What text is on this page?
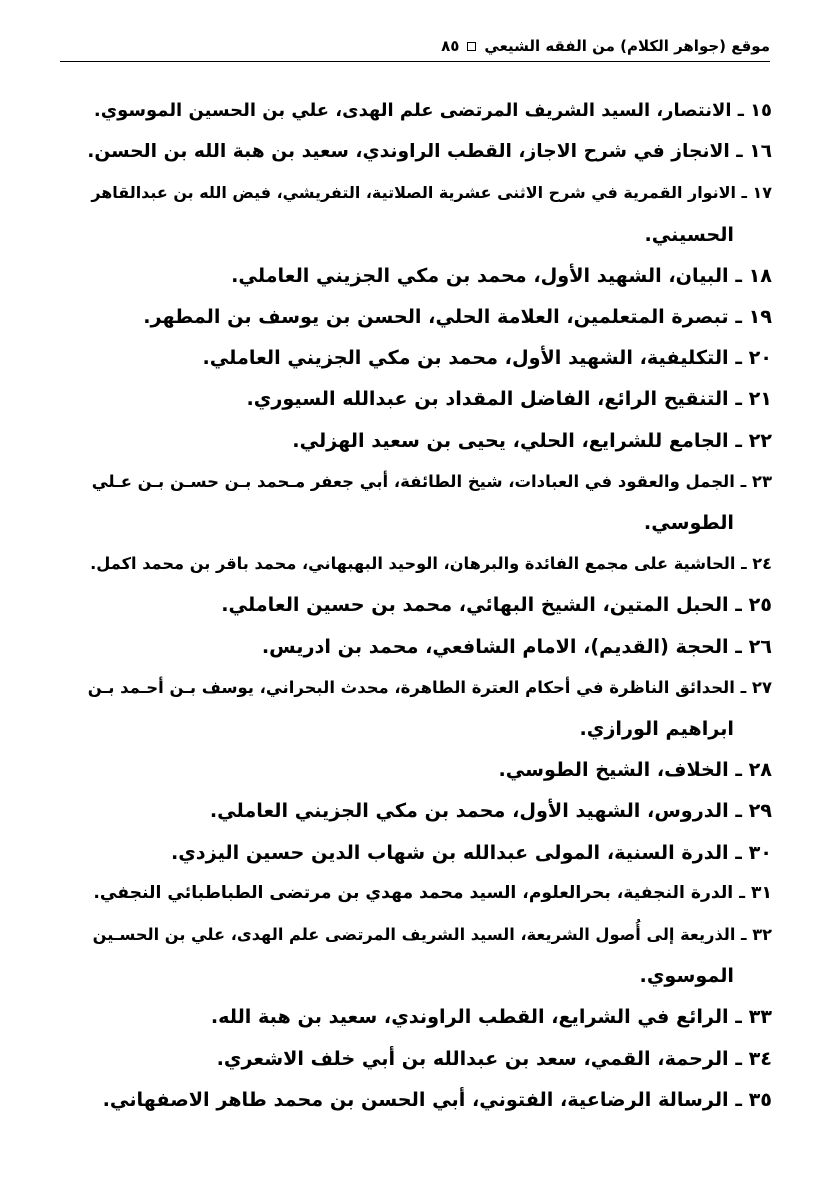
موقع (جواهر الكلام) من الفقه الشيعي
٨٥
١٥ ـ الانتصار، السيد الشريف المرتضى علم الهدى، علي بن الحسين الموسوي.
١٦ ـ الانجاز في شرح الاجاز، القطب الراوندي، سعيد بن هبة الله بن الحسن.
١٧ ـ الانوار القمرية في شرح الاثنى عشرية الصلاتية، التفريشي، فيض الله بن عبدالقاهر
الحسيني.
١٨ ـ البيان، الشهيد الأول، محمد بن مكي الجزيني العاملي.
١٩ ـ تبصرة المتعلمين، العلامة الحلي، الحسن بن يوسف بن المطهر.
٢٠ ـ التكليفية، الشهيد الأول، محمد بن مكي الجزيني العاملي.
٢١ ـ التنقيح الرائع، الفاضل المقداد بن عبدالله السيوري.
٢٢ ـ الجامع للشرايع، الحلي، يحيى بن سعيد الهزلي.
٢٣ ـ الجمل والعقود في العبادات، شيخ الطائفة، أبي جعفر مـحمد بـن حسـن بـن عـلي
الطوسي.
٢٤ ـ الحاشية على مجمع الفائدة والبرهان، الوحيد البهبهاني، محمد باقر بن محمد اكمل.
٢٥ ـ الحبل المتين، الشيخ البهائي، محمد بن حسين العاملي.
٢٦ ـ الحجة (القديم)، الامام الشافعي، محمد بن ادريس.
٢٧ ـ الحدائق الناظرة في أحكام العترة الطاهرة، محدث البحراني، يوسف بـن أحـمد بـن
ابراهيم الورازي.
٢٨ ـ الخلاف، الشيخ الطوسي.
٢٩ ـ الدروس، الشهيد الأول، محمد بن مكي الجزيني العاملي.
٣٠ ـ الدرة السنية، المولى عبدالله بن شهاب الدين حسين اليزدي.
٣١ ـ الدرة النجفية، بحرالعلوم، السيد محمد مهدي بن مرتضى الطباطبائي النجفي.
٣٢ ـ الذريعة إلى أُصول الشريعة، السيد الشريف المرتضى علم الهدى، علي بن الحسـين
الموسوي.
٣٣ ـ الرائع في الشرايع، القطب الراوندي، سعيد بن هبة الله.
٣٤ ـ الرحمة، القمي، سعد بن عبدالله بن أبي خلف الاشعري.
٣٥ ـ الرسالة الرضاعية، الفتوني، أبي الحسن بن محمد طاهر الاصفهاني.
